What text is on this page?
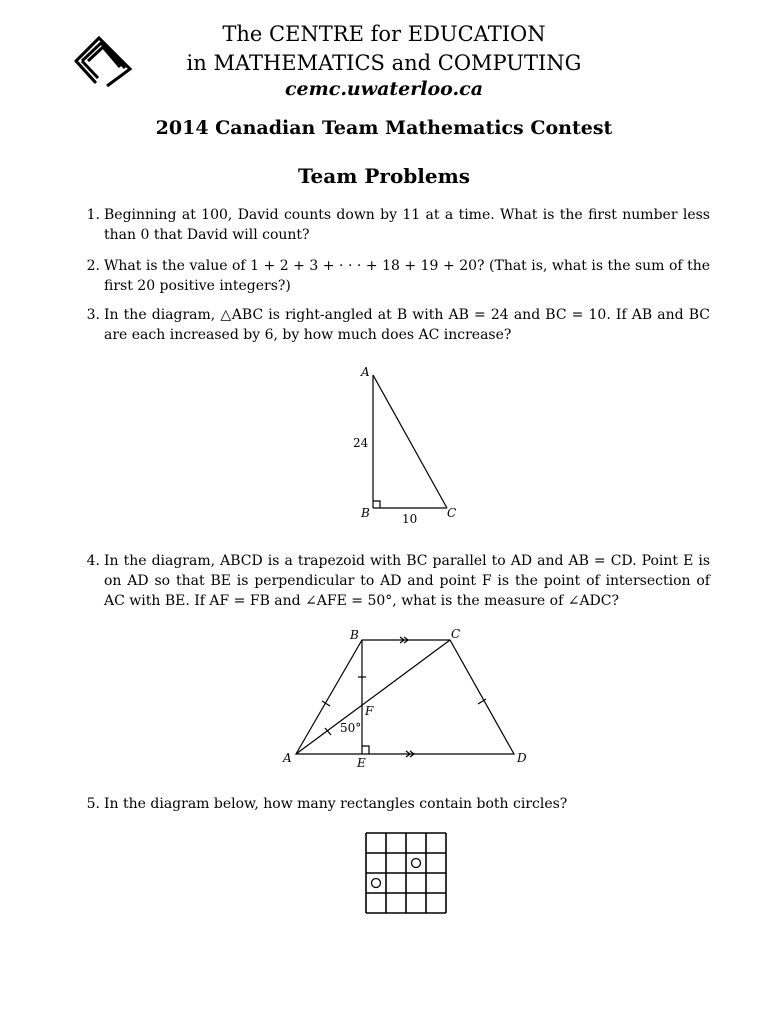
The CENTRE for EDUCATION
in MATHEMATICS and COMPUTING
cemc.uwaterloo.ca
2014 Canadian Team Mathematics Contest
Team Problems
1. Beginning at 100, David counts down by 11 at a time. What is the first number less than 0 that David will count?
2. What is the value of 1 + 2 + 3 + · · · + 18 + 19 + 20? (That is, what is the sum of the first 20 positive integers?)
3. In the diagram, △ABC is right-angled at B with AB = 24 and BC = 10. If AB and BC are each increased by 6, by how much does AC increase?
A
B	C
24
10
4. In the diagram, ABCD is a trapezoid with BC parallel to AD and AB = CD. Point E is on AD so that BE is perpendicular to AD and point F is the point of intersection of AC with BE. If AF = FB and ∠AFE = 50°, what is the measure of ∠ADC?
A
B	C
D
E
F
50°
5. In the diagram below, how many rectangles contain both circles?
